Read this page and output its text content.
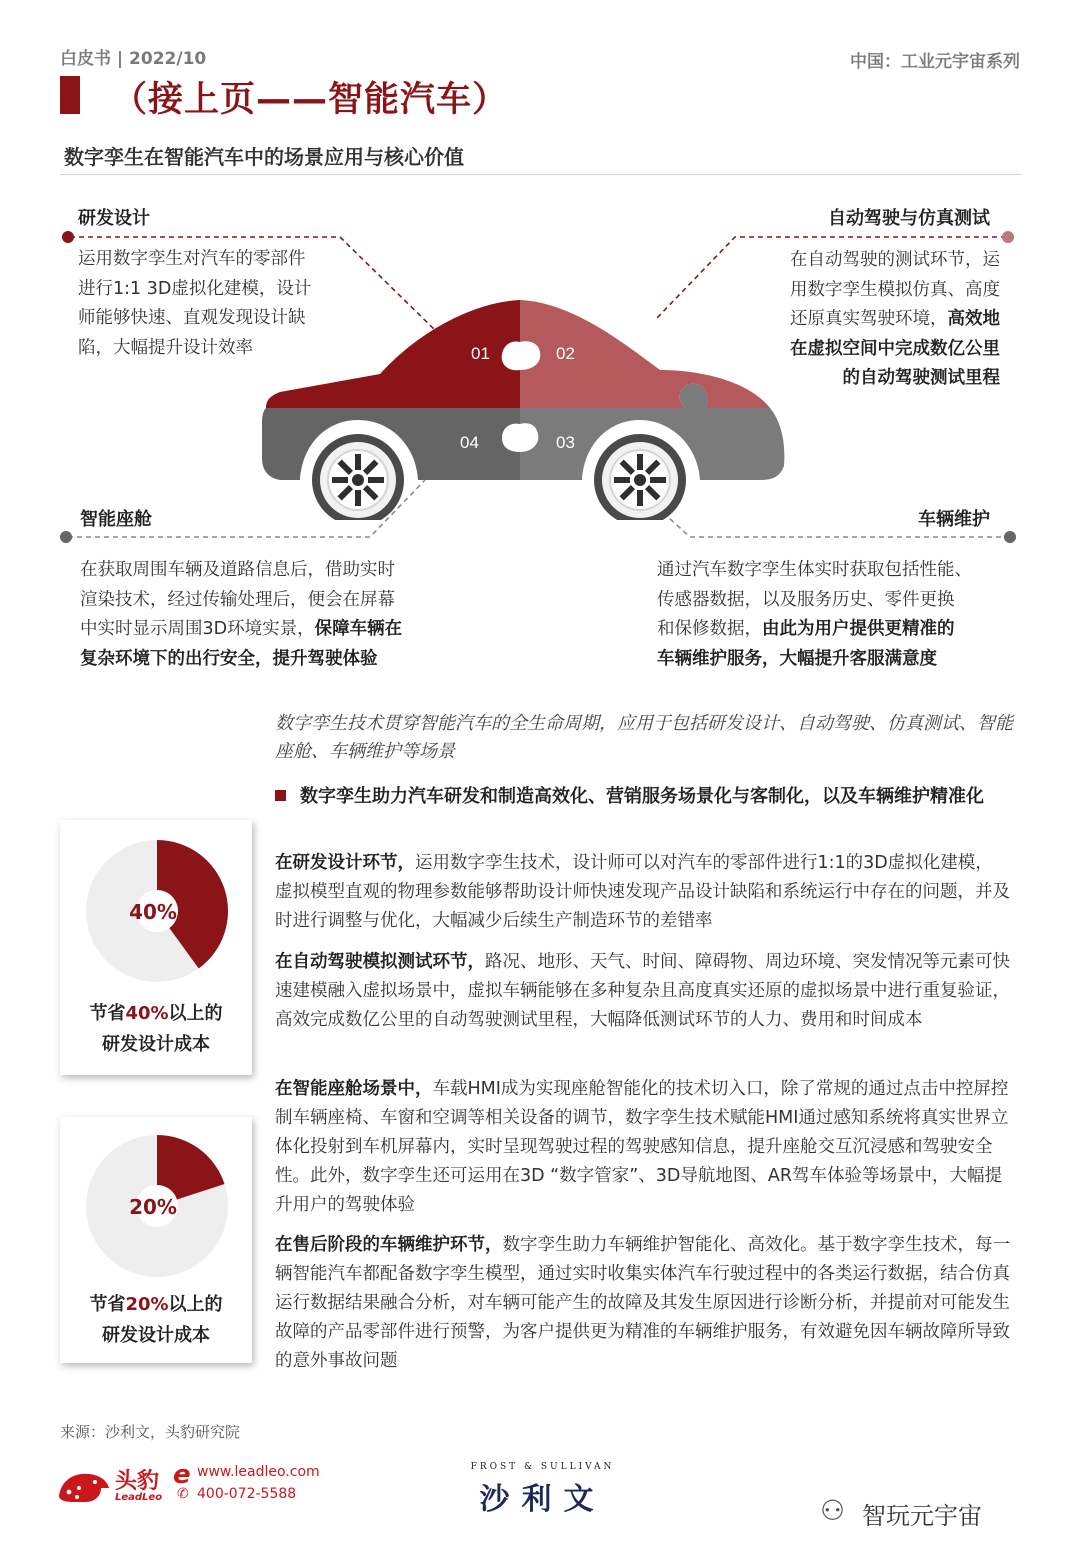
白皮书 | 2022/10	中国：工业元宇宙系列
（接上页——智能汽车）
数字孪生在智能汽车中的场景应用与核心价值
研发设计
运用数字孪生对汽车的零部件
进行1:1 3D虚拟化建模，设计
师能够快速、直观发现设计缺
陷，大幅提升设计效率
自动驾驶与仿真测试
在自动驾驶的测试环节，运
用数字孪生模拟仿真、高度
还原真实驾驶环境，高效地
在虚拟空间中完成数亿公里
的自动驾驶测试里程
01	02
03
04
智能座舱
在获取周围车辆及道路信息后，借助实时
渲染技术，经过传输处理后，便会在屏幕
中实时显示周围3D环境实景，保障车辆在
复杂环境下的出行安全，提升驾驶体验
车辆维护
通过汽车数字孪生体实时获取包括性能、
传感器数据，以及服务历史、零件更换
和保修数据，由此为用户提供更精准的
车辆维护服务，大幅提升客服满意度
数字孪生技术贯穿智能汽车的全生命周期，应用于包括研发设计、自动驾驶、仿真测试、智能座舱、车辆维护等场景
数字孪生助力汽车研发和制造高效化、营销服务场景化与客制化，以及车辆维护精准化
在研发设计环节，运用数字孪生技术，设计师可以对汽车的零部件进行1:1的3D虚拟化建模，虚拟模型直观的物理参数能够帮助设计师快速发现产品设计缺陷和系统运行中存在的问题，并及时进行调整与优化，大幅减少后续生产制造环节的差错率
在自动驾驶模拟测试环节，路况、地形、天气、时间、障碍物、周边环境、突发情况等元素可快速建模融入虚拟场景中，虚拟车辆能够在多种复杂且高度真实还原的虚拟场景中进行重复验证，高效完成数亿公里的自动驾驶测试里程，大幅降低测试环节的人力、费用和时间成本
在智能座舱场景中，车载HMI成为实现座舱智能化的技术切入口，除了常规的通过点击中控屏控制车辆座椅、车窗和空调等相关设备的调节，数字孪生技术赋能HMI通过感知系统将真实世界立体化投射到车机屏幕内，实时呈现驾驶过程的驾驶感知信息，提升座舱交互沉浸感和驾驶安全性。此外，数字孪生还可运用在3D “数字管家”、3D导航地图、AR驾车体验等场景中，大幅提升用户的驾驶体验
在售后阶段的车辆维护环节，数字孪生助力车辆维护智能化、高效化。基于数字孪生技术，每一辆智能汽车都配备数字孪生模型，通过实时收集实体汽车行驶过程中的各类运行数据，结合仿真运行数据结果融合分析，对车辆可能产生的故障及其发生原因进行诊断分析，并提前对可能发生故障的产品零部件进行预警，为客户提供更为精准的车辆维护服务，有效避免因车辆故障所导致的意外事故问题
40%
节省40%以上的
研发设计成本
20%
节省20%以上的
研发设计成本
来源：沙利文，头豹研究院
头豹
LeadLeo
e www.leadleo.com
✆ 400-072-5588
FROST & SULLIVAN
沙利文	⚇ 智玩元宇宙
